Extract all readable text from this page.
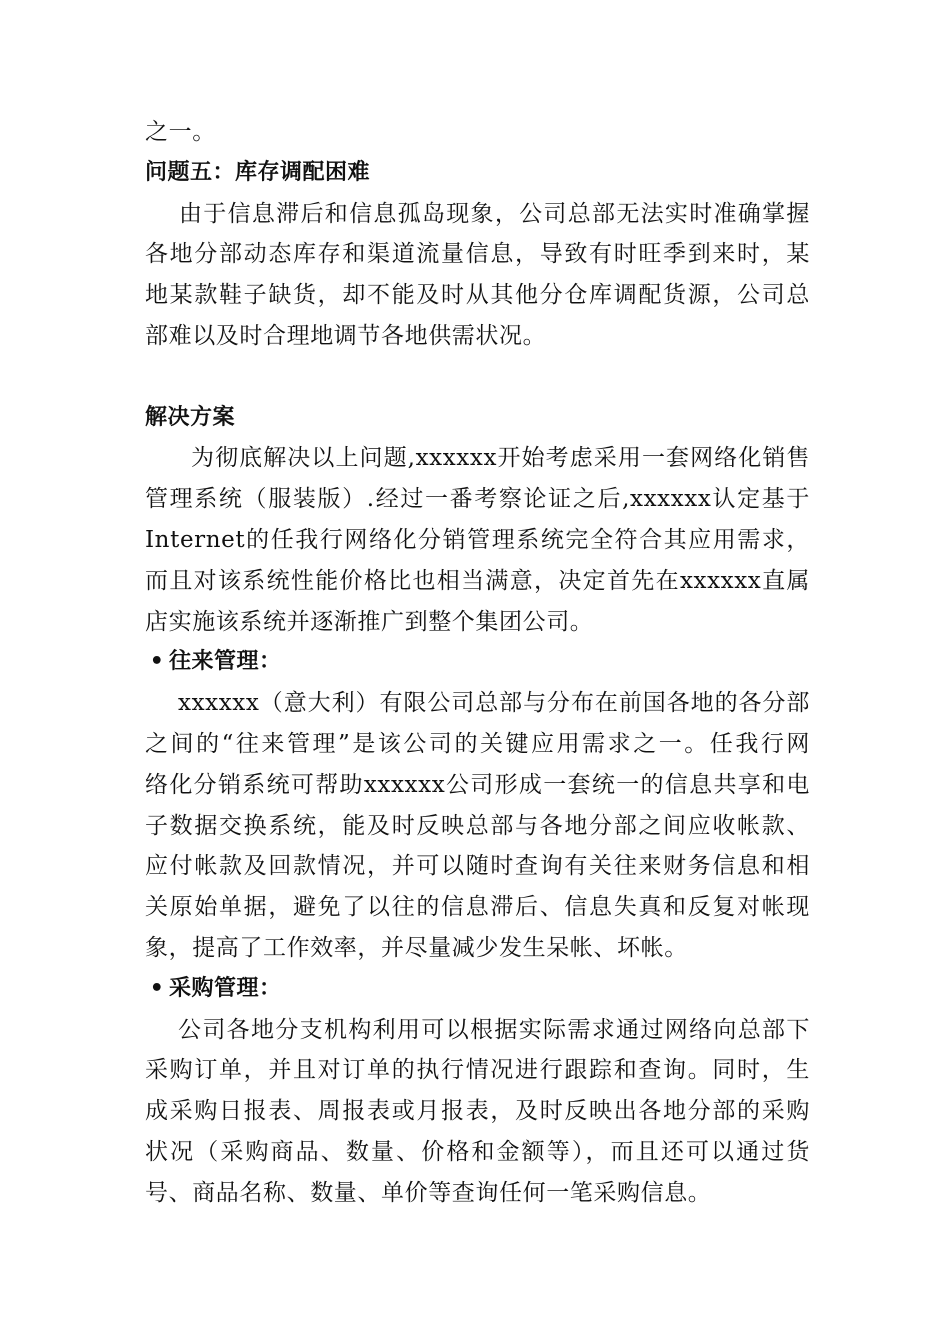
之一。
问题五：库存调配困难
由于信息滞后和信息孤岛现象，公司总部无法实时准确掌握
各地分部动态库存和渠道流量信息，导致有时旺季到来时，某
地某款鞋子缺货，却不能及时从其他分仓库调配货源，公司总
部难以及时合理地调节各地供需状况。
解决方案
为彻底解决以上问题,xxxxxx开始考虑采用一套网络化销售
管理系统（服装版）.经过一番考察论证之后,xxxxxx认定基于
Internet的任我行网络化分销管理系统完全符合其应用需求，
而且对该系统性能价格比也相当满意，决定首先在xxxxxx直属
店实施该系统并逐渐推广到整个集团公司。
• 往来管理：
xxxxxx（意大利）有限公司总部与分布在前国各地的各分部
之间的“往来管理”是该公司的关键应用需求之一。任我行网
络化分销系统可帮助xxxxxx公司形成一套统一的信息共享和电
子数据交换系统，能及时反映总部与各地分部之间应收帐款、
应付帐款及回款情况，并可以随时查询有关往来财务信息和相
关原始单据，避免了以往的信息滞后、信息失真和反复对帐现
象，提高了工作效率，并尽量减少发生呆帐、坏帐。
• 采购管理：
公司各地分支机构利用可以根据实际需求通过网络向总部下
采购订单，并且对订单的执行情况进行跟踪和查询。同时，生
成采购日报表、周报表或月报表，及时反映出各地分部的采购
状况（采购商品、数量、价格和金额等），而且还可以通过货
号、商品名称、数量、单价等查询任何一笔采购信息。
